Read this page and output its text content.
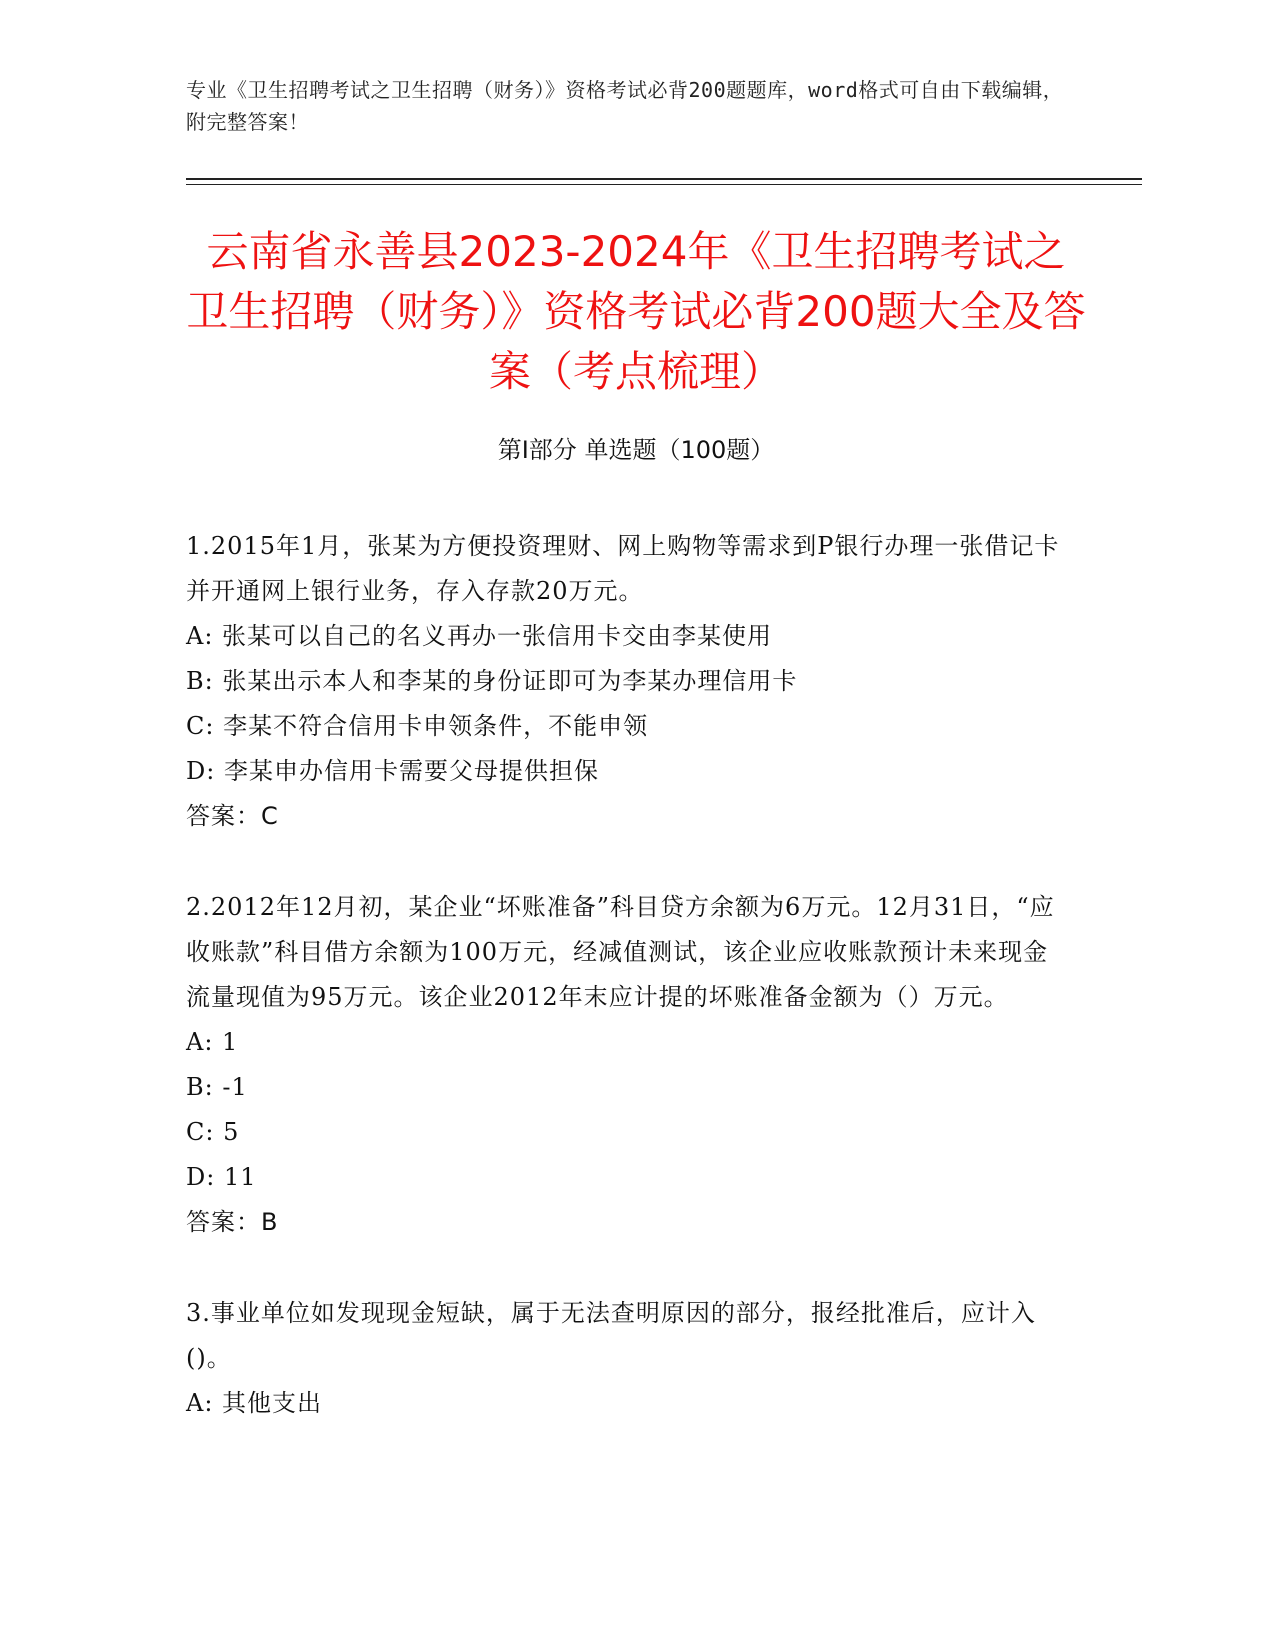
专业《卫生招聘考试之卫生招聘（财务）》资格考试必背200题题库，word格式可自由下载编辑，附完整答案！
云南省永善县2023-2024年《卫生招聘考试之卫生招聘（财务）》资格考试必背200题大全及答案（考点梳理）
第Ⅰ部分 单选题（100题）
1.2015年1月，张某为方便投资理财、网上购物等需求到P银行办理一张借记卡并开通网上银行业务，存入存款20万元。
A: 张某可以自己的名义再办一张信用卡交由李某使用
B: 张某出示本人和李某的身份证即可为李某办理信用卡
C: 李某不符合信用卡申领条件，不能申领
D: 李某申办信用卡需要父母提供担保
答案：C
2.2012年12月初，某企业“坏账准备”科目贷方余额为6万元。12月31日，“应收账款”科目借方余额为100万元，经减值测试，该企业应收账款预计未来现金流量现值为95万元。该企业2012年末应计提的坏账准备金额为（）万元。
A: 1
B: -1
C: 5
D: 11
答案：B
3.事业单位如发现现金短缺，属于无法查明原因的部分，报经批准后，应计入()。
A: 其他支出
